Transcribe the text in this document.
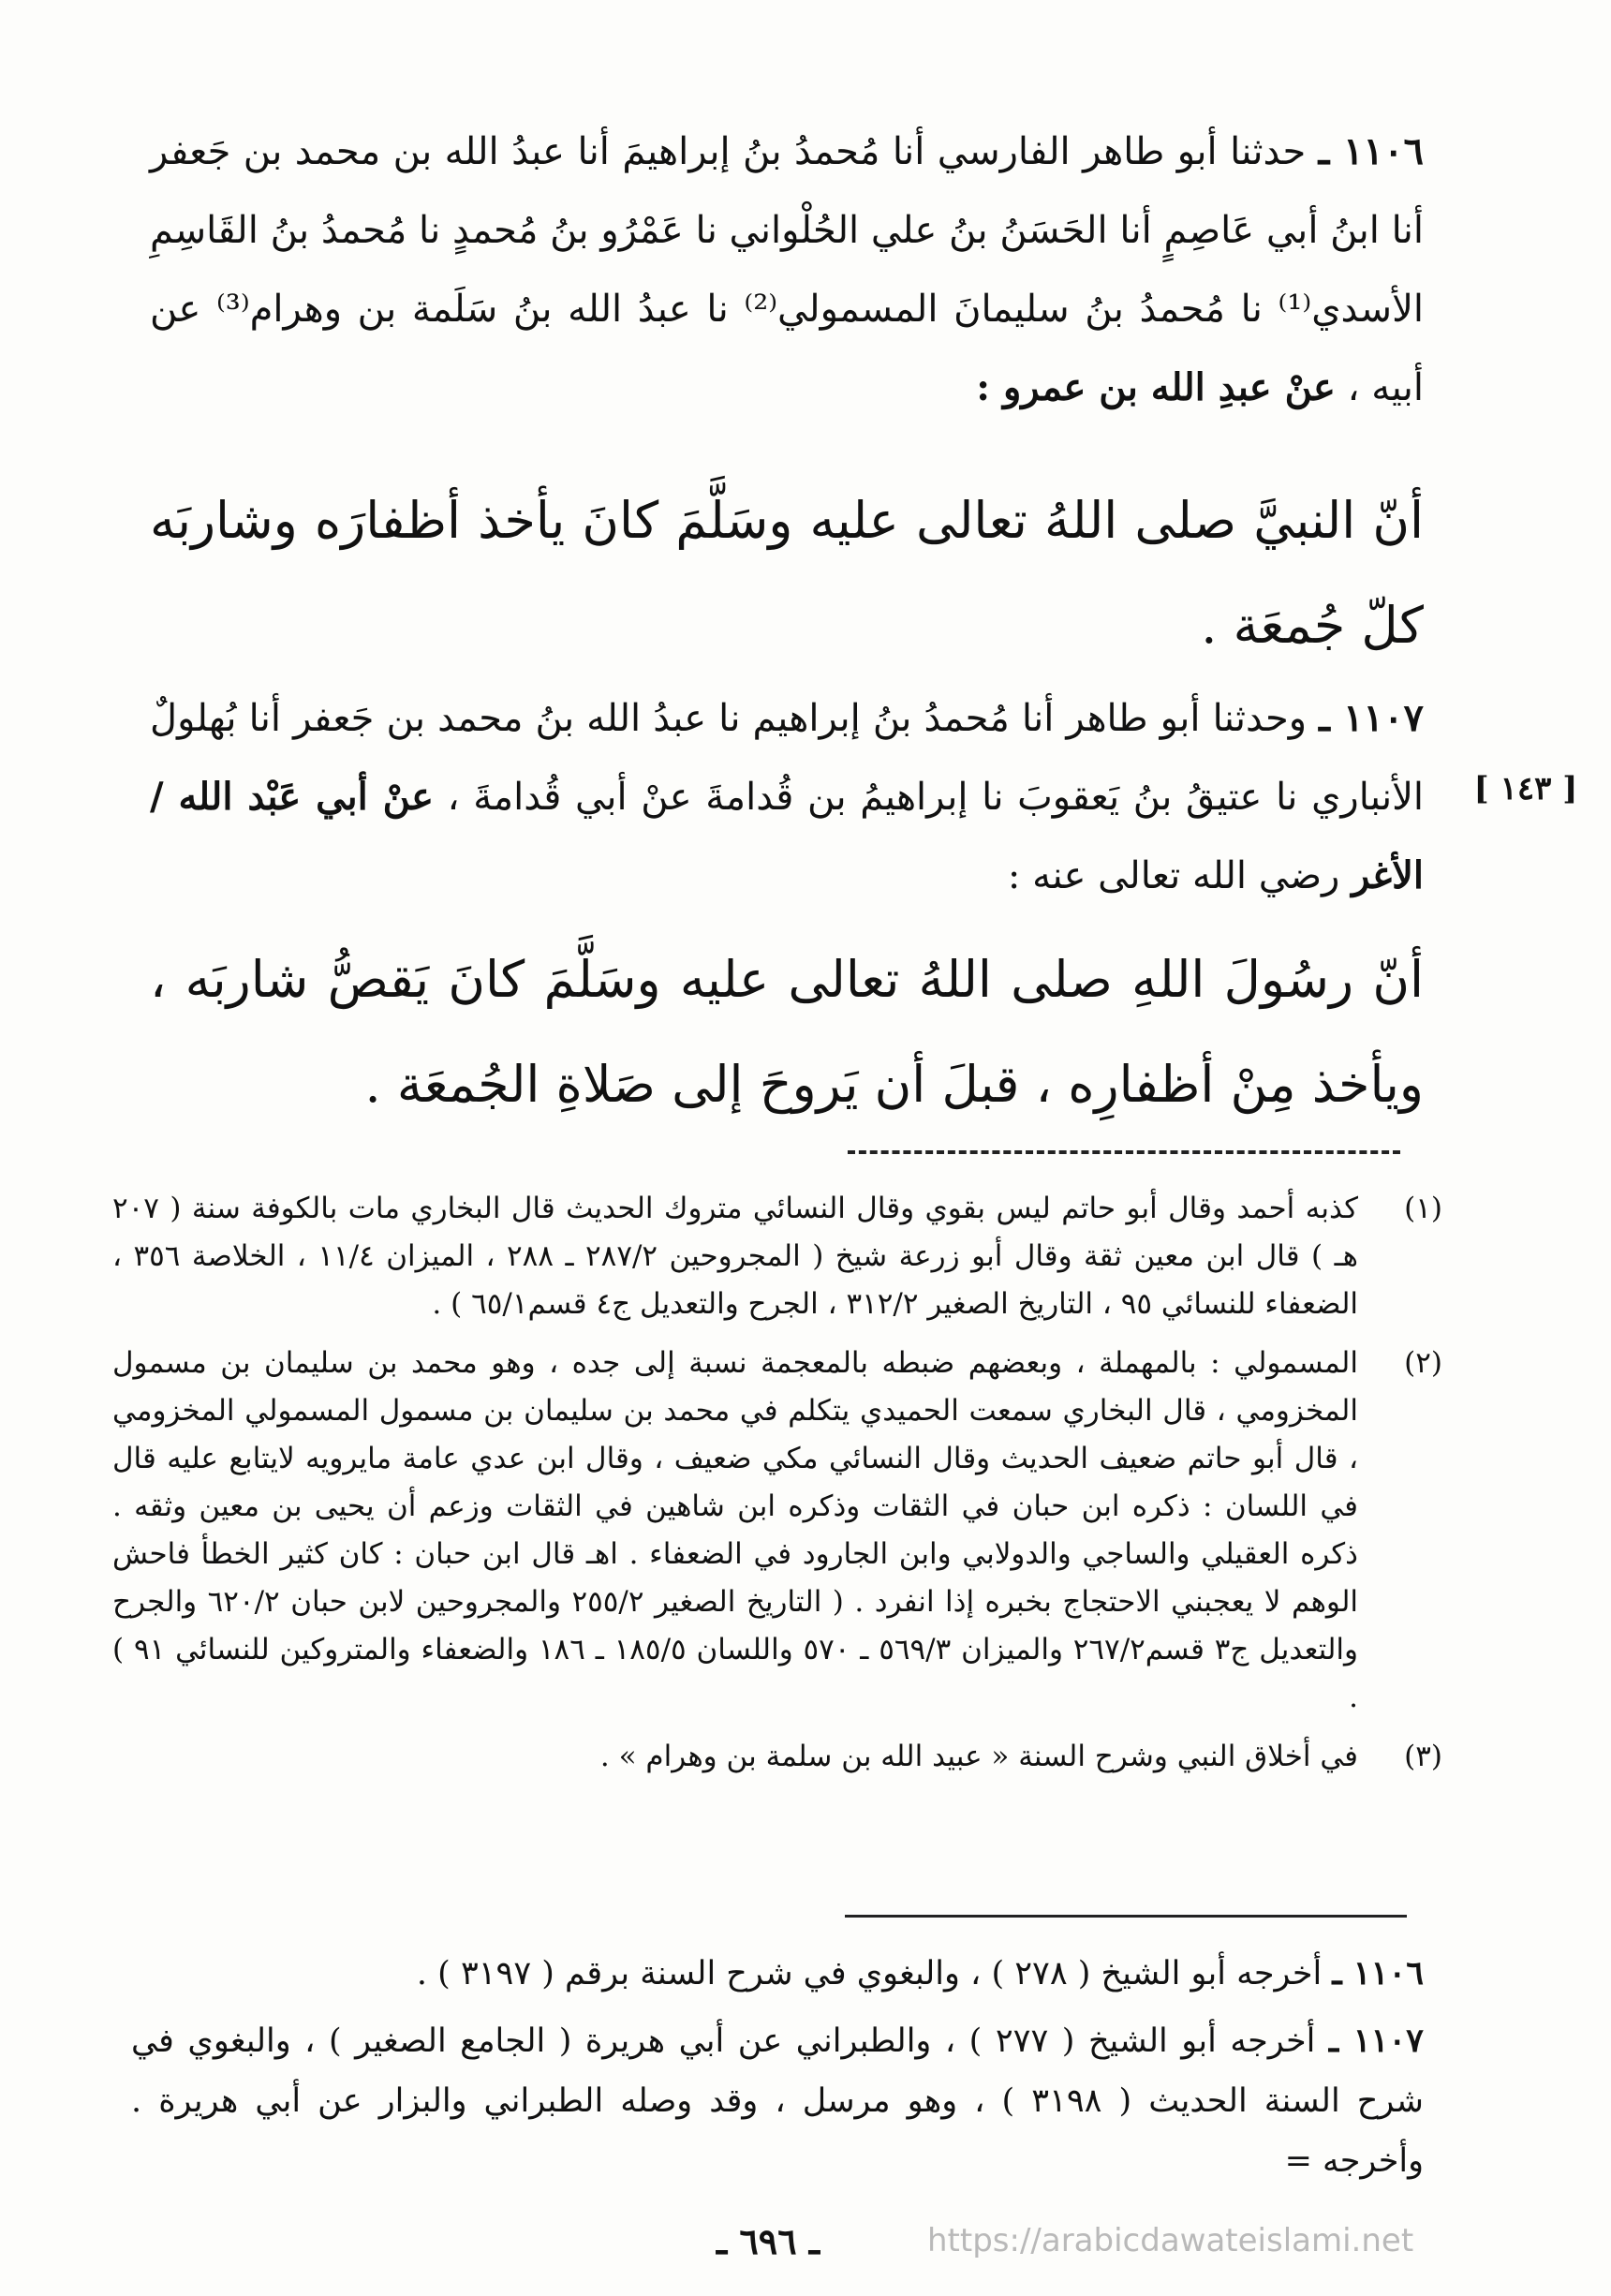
١١٠٦ ـ حدثنا أبو طاهر الفارسي أنا مُحمدُ بنُ إبراهيمَ أنا عبدُ الله بن محمد بن جَعفر أنا ابنُ أبي عَاصِمٍ أنا الحَسَنُ بنُ علي الحُلْواني نا عَمْرُو بنُ مُحمدٍ نا مُحمدُ بنُ القَاسِمِ الأسدي⁽¹⁾ نا مُحمدُ بنُ سليمانَ المسمولي⁽²⁾ نا عبدُ الله بنُ سَلَمة بن وهرام⁽³⁾ عن أبيه ، عنْ عبدِ الله بن عمرو :
أنّ النبيَّ صلى اللهُ تعالى عليه وسَلَّمَ كانَ يأخذ أظفارَه وشاربَه كلّ جُمعَة .
١١٠٧ ـ وحدثنا أبو طاهر أنا مُحمدُ بنُ إبراهيم نا عبدُ الله بنُ محمد بن جَعفر أنا بُهلولٌ الأنباري نا عتيقُ بنُ يَعقوبَ نا إبراهيمُ بن قُدامةَ عنْ أبي قُدامةَ ، عنْ أبي عَبْد الله / الأغر رضي الله تعالى عنه :
[ ١٤٣ ]
أنّ رسُولَ اللهِ صلى اللهُ تعالى عليه وسَلَّمَ كانَ يَقصُّ شاربَه ، ويأخذ مِنْ أظفارِه ، قبلَ أن يَروحَ إلى صَلاةِ الجُمعَة .
(١)
كذبه أحمد وقال أبو حاتم ليس بقوي وقال النسائي متروك الحديث قال البخاري مات بالكوفة سنة ( ٢٠٧ هـ ) قال ابن معين ثقة وقال أبو زرعة شيخ ( المجروحين ٢٨٧/٢ ـ ٢٨٨ ، الميزان ١١/٤ ، الخلاصة ٣٥٦ ، الضعفاء للنسائي ٩٥ ، التاريخ الصغير ٣١٢/٢ ، الجرح والتعديل ج٤ قسم٦٥/١ ) .
(٢)
المسمولي : بالمهملة ، وبعضهم ضبطه بالمعجمة نسبة إلى جده ، وهو محمد بن سليمان بن مسمول المخزومي ، قال البخاري سمعت الحميدي يتكلم في محمد بن سليمان بن مسمول المسمولي المخزومي ، قال أبو حاتم ضعيف الحديث وقال النسائي مكي ضعيف ، وقال ابن عدي عامة مايرويه لايتابع عليه قال في اللسان : ذكره ابن حبان في الثقات وذكره ابن شاهين في الثقات وزعم أن يحيى بن معين وثقه . ذكره العقيلي والساجي والدولابي وابن الجارود في الضعفاء . اهـ قال ابن حبان : كان كثير الخطأ فاحش الوهم لا يعجبني الاحتجاج بخبره إذا انفرد . ( التاريخ الصغير ٢٥٥/٢ والمجروحين لابن حبان ٦٢٠/٢ والجرح والتعديل ج٣ قسم٢٦٧/٢ والميزان ٥٦٩/٣ ـ ٥٧٠ واللسان ١٨٥/٥ ـ ١٨٦ والضعفاء والمتروكين للنسائي ٩١ ) .
(٣)
في أخلاق النبي وشرح السنة « عبيد الله بن سلمة بن وهرام » .
١١٠٦ ـ أخرجه أبو الشيخ ( ٢٧٨ ) ، والبغوي في شرح السنة برقم ( ٣١٩٧ ) .
١١٠٧ ـ أخرجه أبو الشيخ ( ٢٧٧ ) ، والطبراني عن أبي هريرة ( الجامع الصغير ) ، والبغوي في شرح السنة الحديث ( ٣١٩٨ ) ، وهو مرسل ، وقد وصله الطبراني والبزار عن أبي هريرة . وأخرجه =
ـ ٦٩٦ ـ	https://arabicdawateislami.net
